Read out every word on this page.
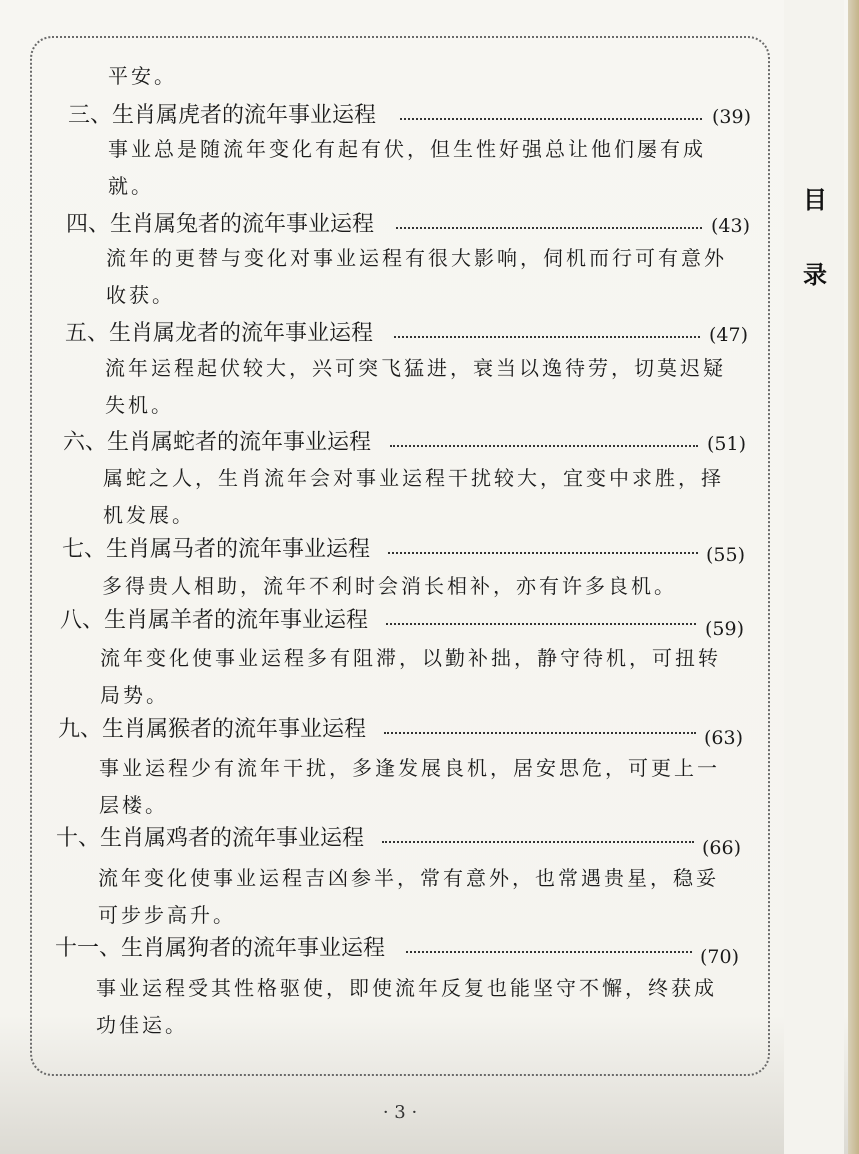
目
录
平安。
三、生肖属虎者的流年事业运程	(39)
事业总是随流年变化有起有伏，但生性好强总让他们屡有成
就。
四、生肖属兔者的流年事业运程	(43)
流年的更替与变化对事业运程有很大影响，伺机而行可有意外
收获。
五、生肖属龙者的流年事业运程	(47)
流年运程起伏较大，兴可突飞猛进，衰当以逸待劳，切莫迟疑
失机。
六、生肖属蛇者的流年事业运程	(51)
属蛇之人，生肖流年会对事业运程干扰较大，宜变中求胜，择
机发展。
七、生肖属马者的流年事业运程	(55)
多得贵人相助，流年不利时会消长相补，亦有许多良机。
八、生肖属羊者的流年事业运程	(59)
流年变化使事业运程多有阻滞，以勤补拙，静守待机，可扭转
局势。
九、生肖属猴者的流年事业运程	(63)
事业运程少有流年干扰，多逢发展良机，居安思危，可更上一
层楼。
十、生肖属鸡者的流年事业运程	(66)
流年变化使事业运程吉凶参半，常有意外，也常遇贵星，稳妥
可步步高升。
十一、生肖属狗者的流年事业运程	(70)
事业运程受其性格驱使，即使流年反复也能坚守不懈，终获成
功佳运。
· 3 ·
